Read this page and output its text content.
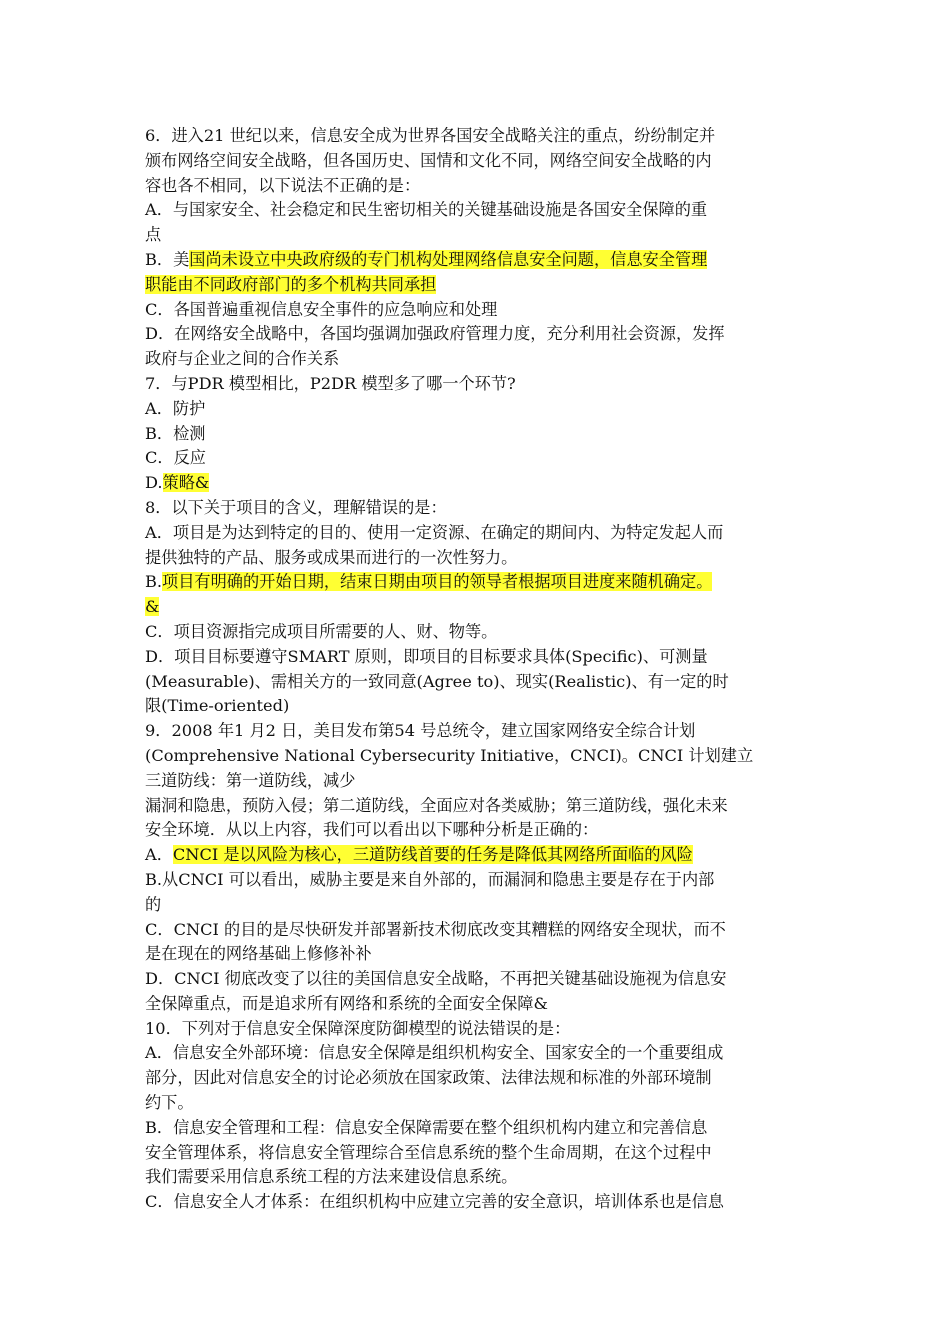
6．进入21 世纪以来，信息安全成为世界各国安全战略关注的重点，纷纷制定并
颁布网络空间安全战略，但各国历史、国情和文化不同，网络空间安全战略的内
容也各不相同，以下说法不正确的是：
A．与国家安全、社会稳定和民生密切相关的关键基础设施是各国安全保障的重
点
B．美国尚未设立中央政府级的专门机构处理网络信息安全问题，信息安全管理
职能由不同政府部门的多个机构共同承担
C．各国普遍重视信息安全事件的应急响应和处理
D．在网络安全战略中，各国均强调加强政府管理力度，充分利用社会资源，发挥
政府与企业之间的合作关系
7．与PDR 模型相比，P2DR 模型多了哪一个环节?
A．防护
B．检测
C．反应
D.策略&
8．以下关于项目的含义，理解错误的是：
A．项目是为达到特定的目的、使用一定资源、在确定的期间内、为特定发起人而
提供独特的产品、服务或成果而进行的一次性努力。
B.项目有明确的开始日期，结束日期由项目的领导者根据项目进度来随机确定。
&
C．项目资源指完成项目所需要的人、财、物等。
D．项目目标要遵守SMART 原则，即项目的目标要求具体(Specific)、可测量
(Measurable)、需相关方的一致同意(Agree to)、现实(Realistic)、有一定的时
限(Time-oriented)
9．2008 年1 月2 日，美目发布第54 号总统令，建立国家网络安全综合计划
(Comprehensive National Cybersecurity Initiative，CNCI)。CNCI 计划建立
三道防线：第一道防线，减少
漏洞和隐患，预防入侵；第二道防线，全面应对各类威胁；第三道防线，强化未来
安全环境．从以上内容，我们可以看出以下哪种分析是正确的：
A．CNCI 是以风险为核心，三道防线首要的任务是降低其网络所面临的风险
B.从CNCI 可以看出，威胁主要是来自外部的，而漏洞和隐患主要是存在于内部
的
C．CNCI 的目的是尽快研发并部署新技术彻底改变其糟糕的网络安全现状，而不
是在现在的网络基础上修修补补
D．CNCI 彻底改变了以往的美国信息安全战略，不再把关键基础设施视为信息安
全保障重点，而是追求所有网络和系统的全面安全保障&
10．下列对于信息安全保障深度防御模型的说法错误的是：
A．信息安全外部环境：信息安全保障是组织机构安全、国家安全的一个重要组成
部分，因此对信息安全的讨论必须放在国家政策、法律法规和标准的外部环境制
约下。
B．信息安全管理和工程：信息安全保障需要在整个组织机构内建立和完善信息
安全管理体系，将信息安全管理综合至信息系统的整个生命周期，在这个过程中
我们需要采用信息系统工程的方法来建设信息系统。
C．信息安全人才体系：在组织机构中应建立完善的安全意识，培训体系也是信息
